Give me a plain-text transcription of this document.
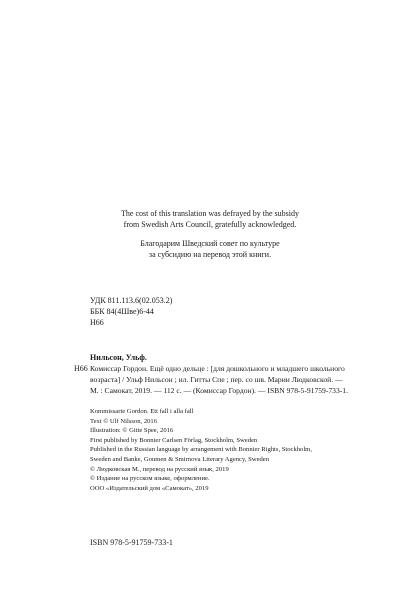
The cost of this translation was defrayed by the subsidy
from Swedish Arts Council, gratefully acknowledged.
Благодарим Шведский совет по культуре
за субсидию на перевод этой книги.
УДК 811.113.6(02.053.2)
ББК 84(4Шве)6-44
Н66
Нильсон, Ульф.
Н66 Комиссар Гордон. Ещё одно дельце : [для дошкольного и младшего школьного
возраста] / Ульф Нильсон ; ил. Гитты Спе ; пер. со шв. Марии Людковской. —
М. : Самокат, 2019. — 112 с. — (Комиссар Гордон). — ISBN 978-5-91759-733-1.
Kommissarie Gordon. Ett fall i alla fall
Text © Ulf Nilsson, 2016
Illustration: © Gitte Spee, 2016
First published by Bonnier Carlsen Förlag, Stockholm, Sweden
Published in the Russian language by arrangement with Bonnier Rights, Stockholm,
Sweden and Banke, Goumen & Smirnova Literary Agency, Sweden
© Людковская М., перевод на русский язык, 2019
© Издание на русском языке, оформление.
ООО «Издательский дом «Самокат», 2019
ISBN 978-5-91759-733-1
